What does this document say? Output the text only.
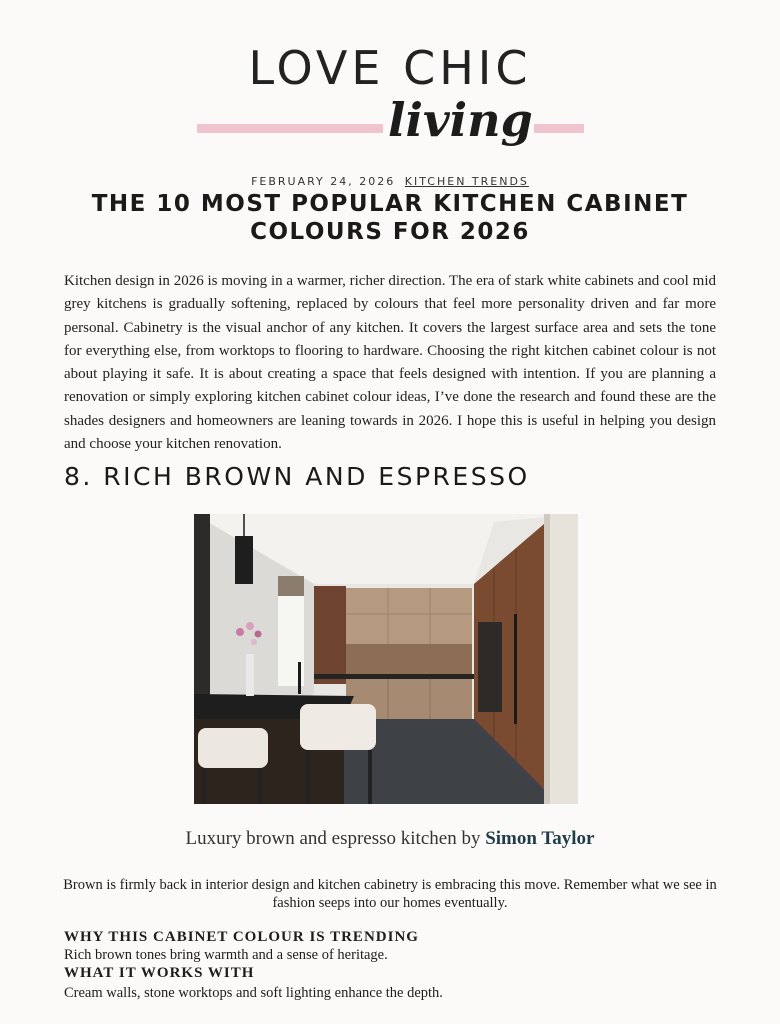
LOVE CHIC
living
FEBRUARY 24, 2026 KITCHEN TRENDS
THE 10 MOST POPULAR KITCHEN CABINET
COLOURS FOR 2026

Kitchen design in 2026 is moving in a warmer, richer direction. The era of stark white cabinets and cool mid grey kitchens is gradually softening, replaced by colours that feel more personality driven and far more personal. Cabinetry is the visual anchor of any kitchen. It covers the largest surface area and sets the tone for everything else, from worktops to flooring to hardware. Choosing the right kitchen cabinet colour is not about playing it safe. It is about creating a space that feels designed with intention. If you are planning a renovation or simply exploring kitchen cabinet colour ideas, I’ve done the research and found these are the shades designers and homeowners are leaning towards in 2026. I hope this is useful in helping you design and choose your kitchen renovation.

8. RICH BROWN AND ESPRESSO
Luxury brown and espresso kitchen by Simon Taylor

Brown is firmly back in interior design and kitchen cabinetry is embracing this move. Remember what we see in fashion seeps into our homes eventually.

WHY THIS CABINET COLOUR IS TRENDING

Rich brown tones bring warmth and a sense of heritage.

WHAT IT WORKS WITH

Cream walls, stone worktops and soft lighting enhance the depth.
